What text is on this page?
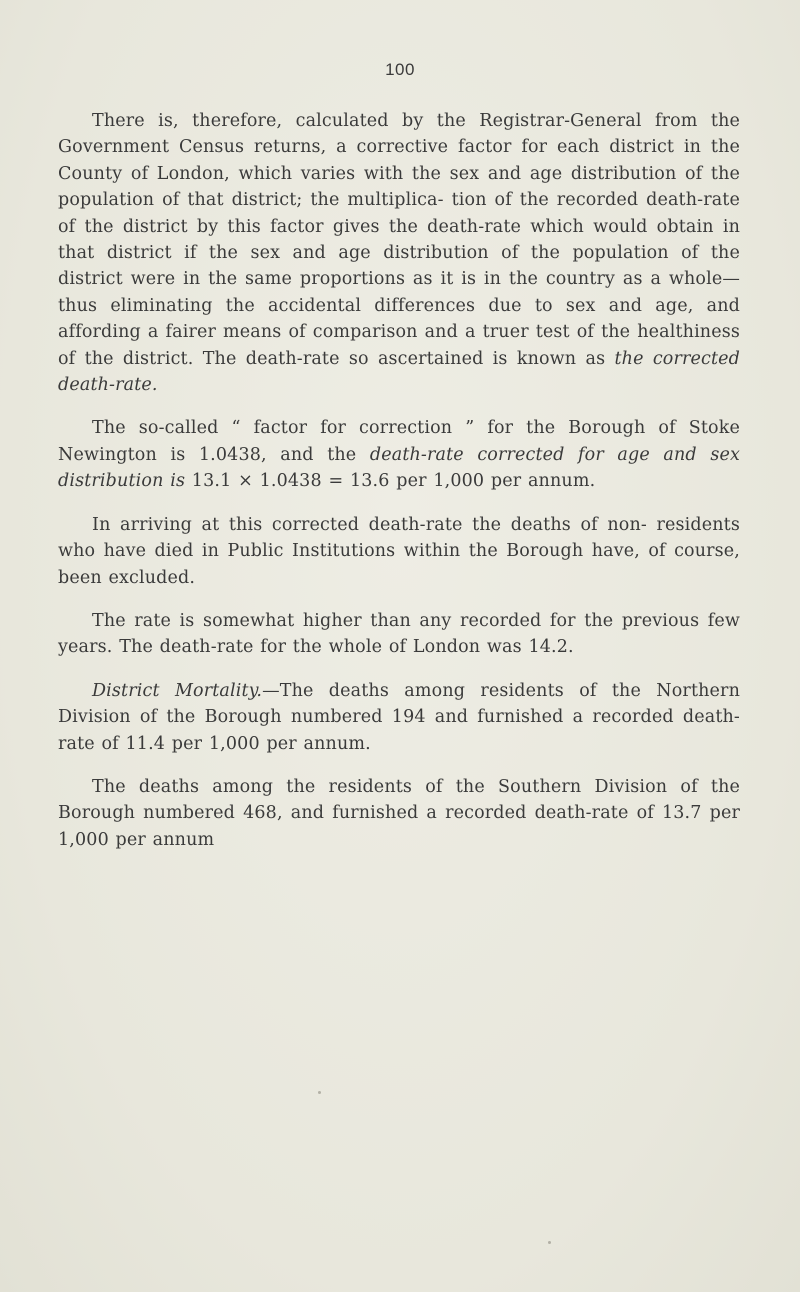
100

There is, therefore, calculated by the Registrar-General from the Government Census returns, a corrective factor for each district in the County of London, which varies with the sex and age distribution of the population of that district; the multiplica- tion of the recorded death-rate of the district by this factor gives the death-rate which would obtain in that district if the sex and age distribution of the population of the district were in the same proportions as it is in the country as a whole—thus eliminating the accidental differences due to sex and age, and affording a fairer means of comparison and a truer test of the healthiness of the district. The death-rate so ascertained is known as the corrected death-rate.

The so-called “ factor for correction ” for the Borough of Stoke Newington is 1.0438, and the death-rate corrected for age and sex distribution is 13.1 × 1.0438 = 13.6 per 1,000 per annum.

In arriving at this corrected death-rate the deaths of non- residents who have died in Public Institutions within the Borough have, of course, been excluded.

The rate is somewhat higher than any recorded for the previous few years. The death-rate for the whole of London was 14.2.

District Mortality.—The deaths among residents of the Northern Division of the Borough numbered 194 and furnished a recorded death-rate of 11.4 per 1,000 per annum.

The deaths among the residents of the Southern Division of the Borough numbered 468, and furnished a recorded death-rate of 13.7 per 1,000 per annum
